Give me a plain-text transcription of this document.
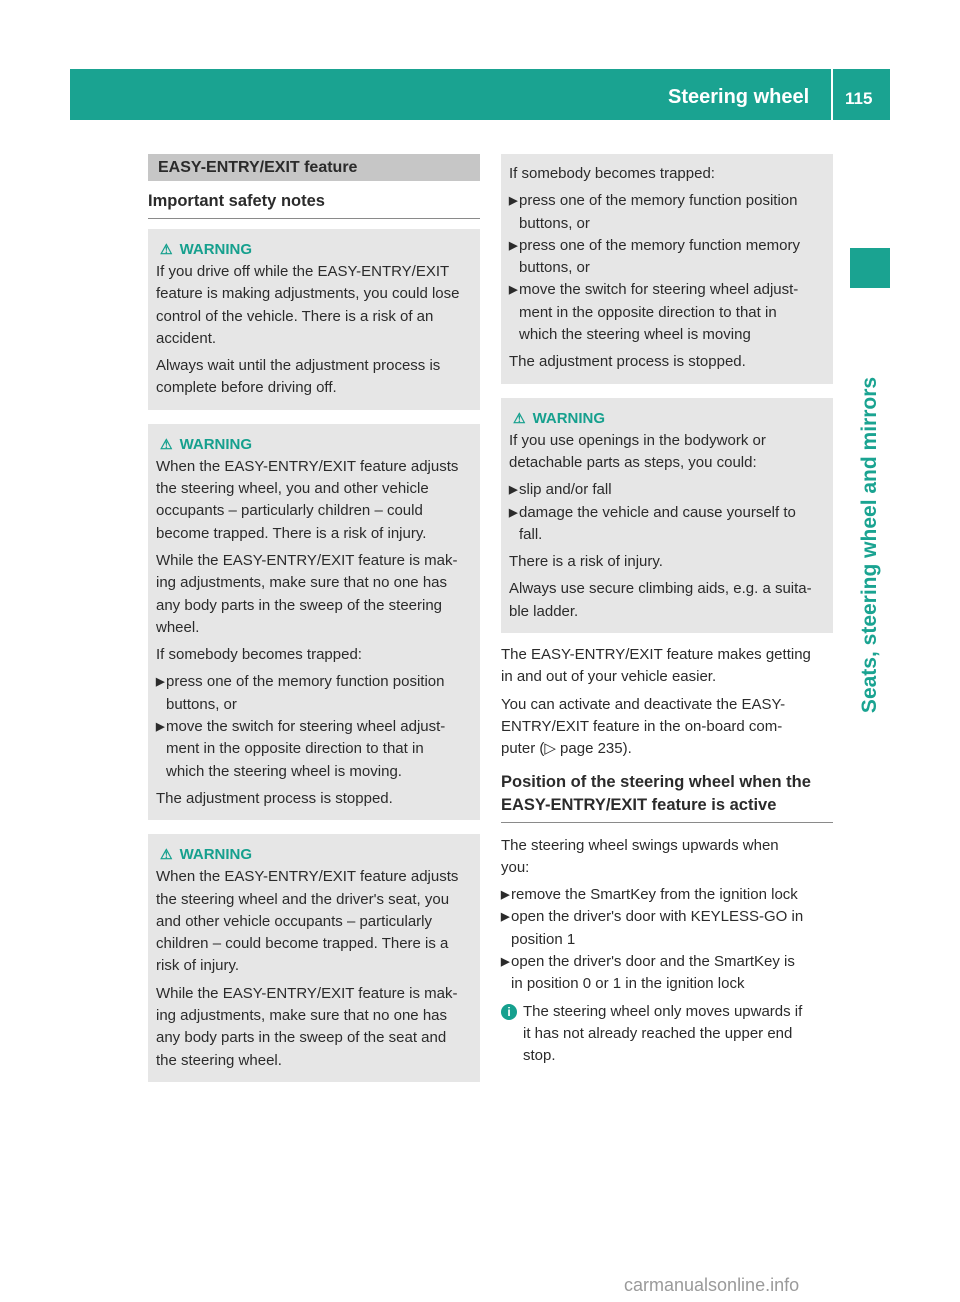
Steering wheel 115
Seats, steering wheel and mirrors
EASY-ENTRY/EXIT feature
Important safety notes
⚠ WARNING

If you drive off while the EASY-ENTRY/EXIT

feature is making adjustments, you could lose

control of the vehicle. There is a risk of an

accident.

Always wait until the adjustment process is

complete before driving off.

⚠ WARNING

When the EASY-ENTRY/EXIT feature adjusts

the steering wheel, you and other vehicle

occupants – particularly children – could

become trapped. There is a risk of injury.

While the EASY-ENTRY/EXIT feature is mak-

ing adjustments, make sure that no one has

any body parts in the sweep of the steering

wheel.

If somebody becomes trapped:

▶ press one of the memory function position

buttons, or

▶ move the switch for steering wheel adjust-

ment in the opposite direction to that in

which the steering wheel is moving.

The adjustment process is stopped.

⚠ WARNING

When the EASY-ENTRY/EXIT feature adjusts

the steering wheel and the driver's seat, you

and other vehicle occupants – particularly

children – could become trapped. There is a

risk of injury.

While the EASY-ENTRY/EXIT feature is mak-

ing adjustments, make sure that no one has

any body parts in the sweep of the seat and

the steering wheel.

If somebody becomes trapped:

▶ press one of the memory function position

buttons, or

▶ press one of the memory function memory

buttons, or

▶ move the switch for steering wheel adjust-

ment in the opposite direction to that in

which the steering wheel is moving

The adjustment process is stopped.

⚠ WARNING

If you use openings in the bodywork or

detachable parts as steps, you could:

▶ slip and/or fall

▶ damage the vehicle and cause yourself to

fall.

There is a risk of injury.

Always use secure climbing aids, e.g. a suita-

ble ladder.

The EASY-ENTRY/EXIT feature makes getting

in and out of your vehicle easier.

You can activate and deactivate the EASY-

ENTRY/EXIT feature in the on-board com-

puter (▷ page 235).

Position of the steering wheel when the
EASY-ENTRY/EXIT feature is active

The steering wheel swings upwards when

you:

▶ remove the SmartKey from the ignition lock

▶ open the driver's door with KEYLESS-GO in

position 1

▶ open the driver's door and the SmartKey is

in position 0 or 1 in the ignition lock

i The steering wheel only moves upwards if

it has not already reached the upper end

stop.

carmanualsonline.info
